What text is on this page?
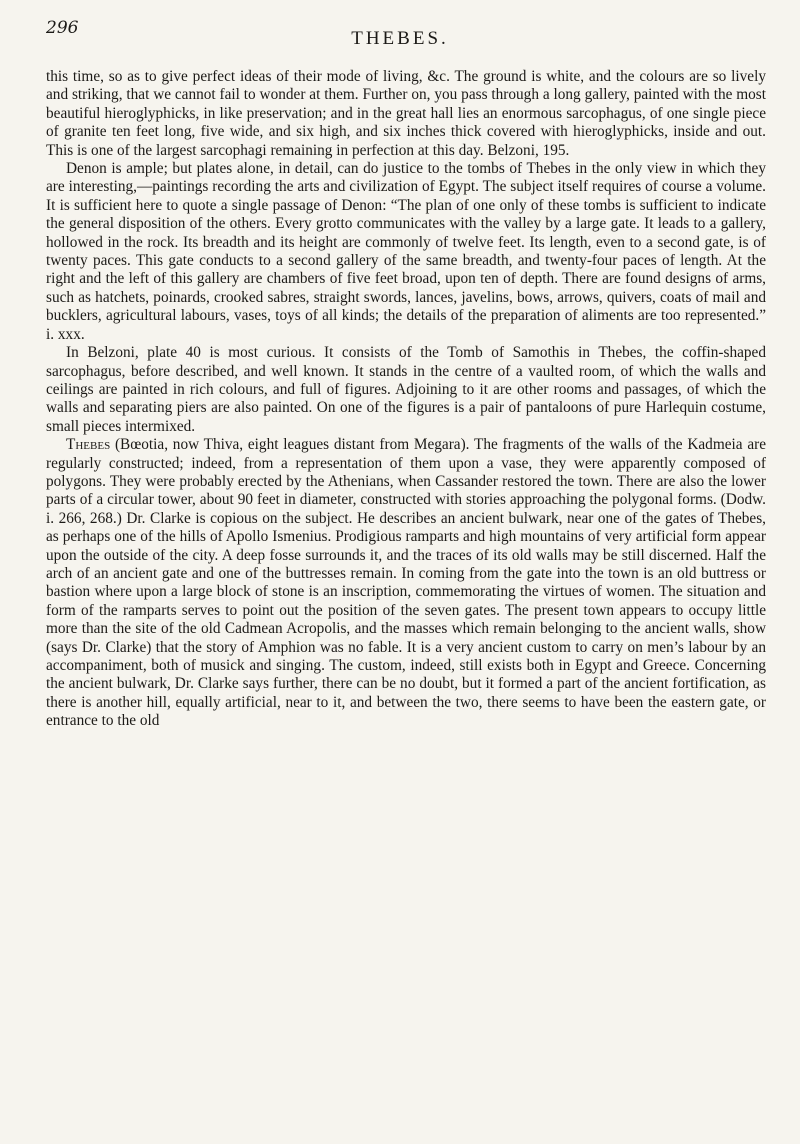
296	THEBES.

this time, so as to give perfect ideas of their mode of living, &c. The ground is white, and the colours are so lively and striking, that we cannot fail to wonder at them. Further on, you pass through a long gallery, painted with the most beautiful hieroglyphicks, in like preservation; and in the great hall lies an enormous sarcophagus, of one single piece of granite ten feet long, five wide, and six high, and six inches thick covered with hieroglyphicks, inside and out. This is one of the largest sarcophagi remaining in perfection at this day. Belzoni, 195.

Denon is ample; but plates alone, in detail, can do justice to the tombs of Thebes in the only view in which they are interesting,—paintings recording the arts and civilization of Egypt. The subject itself requires of course a volume. It is sufficient here to quote a single passage of Denon: “The plan of one only of these tombs is sufficient to indicate the general disposition of the others. Every grotto communicates with the valley by a large gate. It leads to a gallery, hollowed in the rock. Its breadth and its height are commonly of twelve feet. Its length, even to a second gate, is of twenty paces. This gate conducts to a second gallery of the same breadth, and twenty-four paces of length. At the right and the left of this gallery are chambers of five feet broad, upon ten of depth. There are found designs of arms, such as hatchets, poinards, crooked sabres, straight swords, lances, javelins, bows, arrows, quivers, coats of mail and bucklers, agricultural labours, vases, toys of all kinds; the details of the preparation of aliments are too represented.” i. xxx.

In Belzoni, plate 40 is most curious. It consists of the Tomb of Samothis in Thebes, the coffin-shaped sarcophagus, before described, and well known. It stands in the centre of a vaulted room, of which the walls and ceilings are painted in rich colours, and full of figures. Adjoining to it are other rooms and passages, of which the walls and separating piers are also painted. On one of the figures is a pair of pantaloons of pure Harlequin costume, small pieces intermixed.

Thebes (Bœotia, now Thiva, eight leagues distant from Megara). The fragments of the walls of the Kadmeia are regularly constructed; indeed, from a representation of them upon a vase, they were apparently composed of polygons. They were probably erected by the Athenians, when Cassander restored the town. There are also the lower parts of a circular tower, about 90 feet in diameter, constructed with stories approaching the polygonal forms. (Dodw. i. 266, 268.) Dr. Clarke is copious on the subject. He describes an ancient bulwark, near one of the gates of Thebes, as perhaps one of the hills of Apollo Ismenius. Prodigious ramparts and high mountains of very artificial form appear upon the outside of the city. A deep fosse surrounds it, and the traces of its old walls may be still discerned. Half the arch of an ancient gate and one of the buttresses remain. In coming from the gate into the town is an old buttress or bastion where upon a large block of stone is an inscription, commemorating the virtues of women. The situation and form of the ramparts serves to point out the position of the seven gates. The present town appears to occupy little more than the site of the old Cadmean Acropolis, and the masses which remain belonging to the ancient walls, show (says Dr. Clarke) that the story of Amphion was no fable. It is a very ancient custom to carry on men’s labour by an accompaniment, both of musick and singing. The custom, indeed, still exists both in Egypt and Greece. Concerning the ancient bulwark, Dr. Clarke says further, there can be no doubt, but it formed a part of the ancient fortification, as there is another hill, equally artificial, near to it, and between the two, there seems to have been the eastern gate, or entrance to the old
